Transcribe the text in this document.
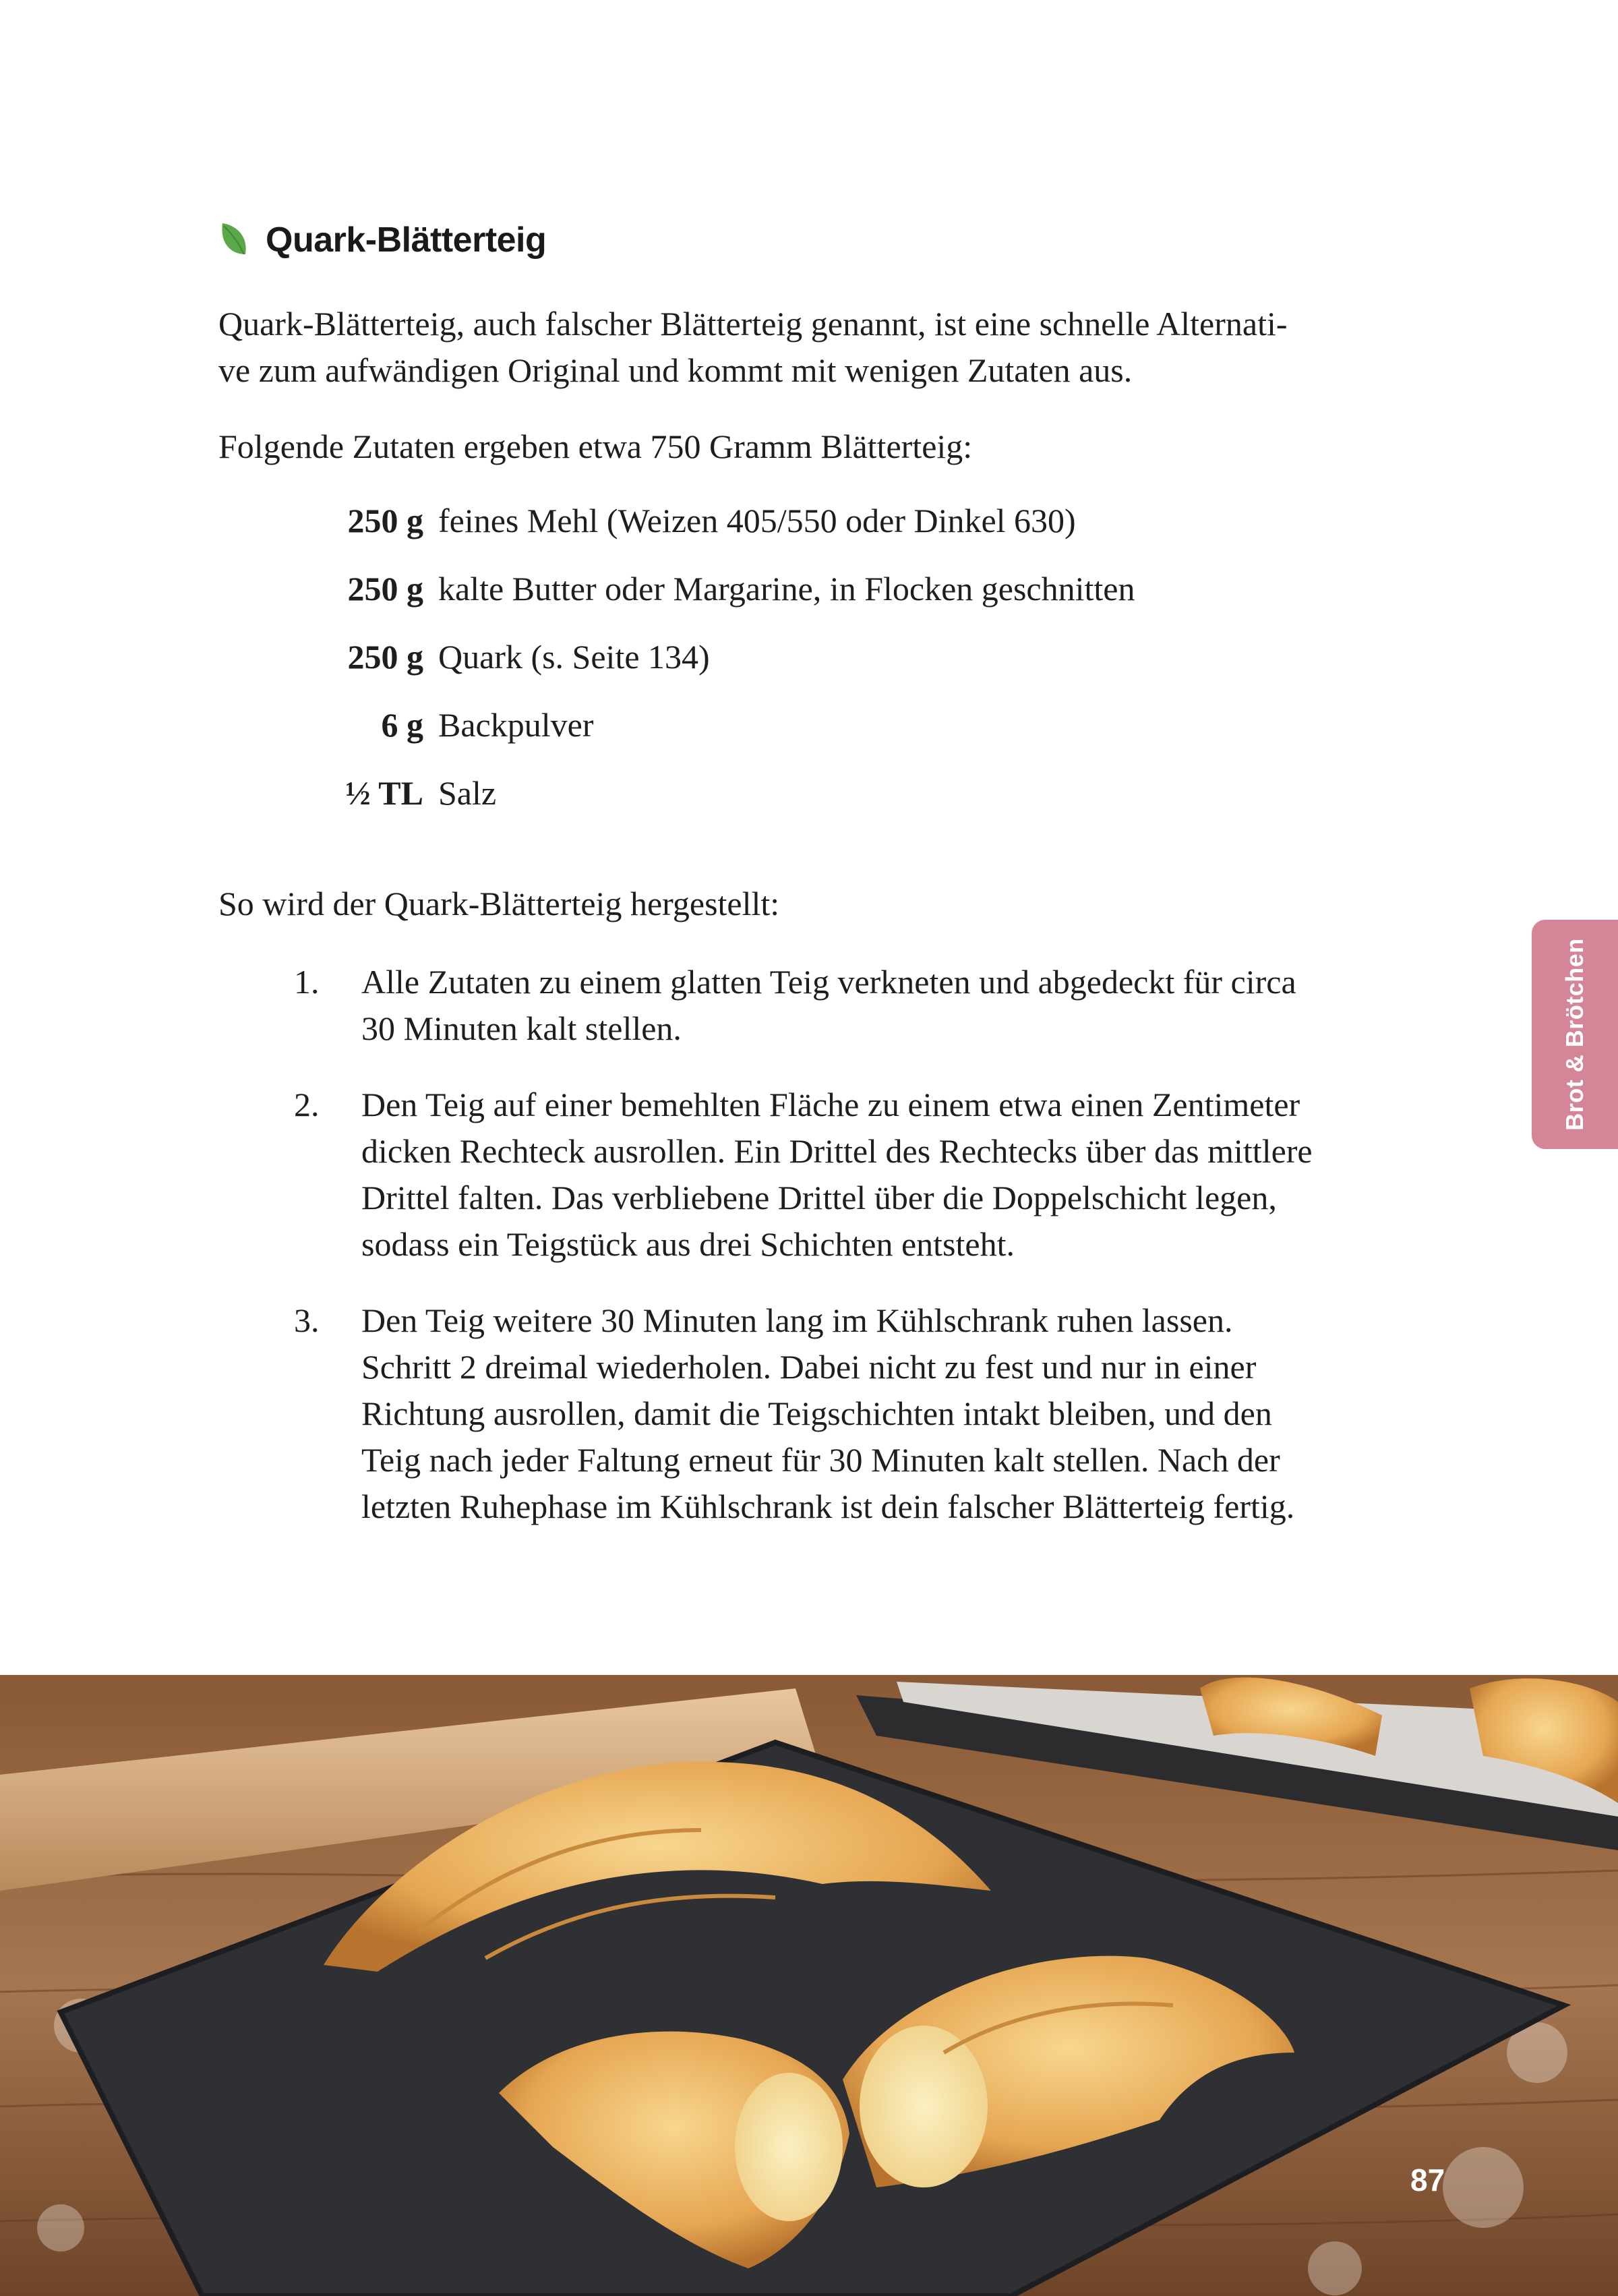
Quark-Blätterteig

Quark-Blätterteig, auch falscher Blätterteig genannt, ist eine schnelle Alternati-
ve zum aufwändigen Original und kommt mit wenigen Zutaten aus.

Folgende Zutaten ergeben etwa 750 Gramm Blätterteig:

250 g feines Mehl (Weizen 405/550 oder Dinkel 630)
250 g kalte Butter oder Margarine, in Flocken geschnitten
250 g Quark (s. Seite 134)
6 g Backpulver
½ TL Salz

So wird der Quark-Blätterteig hergestellt:

1.	Alle Zutaten zu einem glatten Teig verkneten und abgedeckt für circa
30 Minuten kalt stellen.
2.	Den Teig auf einer bemehlten Fläche zu einem etwa einen Zentimeter
dicken Rechteck ausrollen. Ein Drittel des Rechtecks über das mittlere
Drittel falten. Das verbliebene Drittel über die Doppelschicht legen,
sodass ein Teigstück aus drei Schichten entsteht.
3.	Den Teig weitere 30 Minuten lang im Kühlschrank ruhen lassen.
Schritt 2 dreimal wiederholen. Dabei nicht zu fest und nur in einer
Richtung ausrollen, damit die Teigschichten intakt bleiben, und den
Teig nach jeder Faltung erneut für 30 Minuten kalt stellen. Nach der
letzten Ruhephase im Kühlschrank ist dein falscher Blätterteig fertig.
Brot & Brötchen
87
